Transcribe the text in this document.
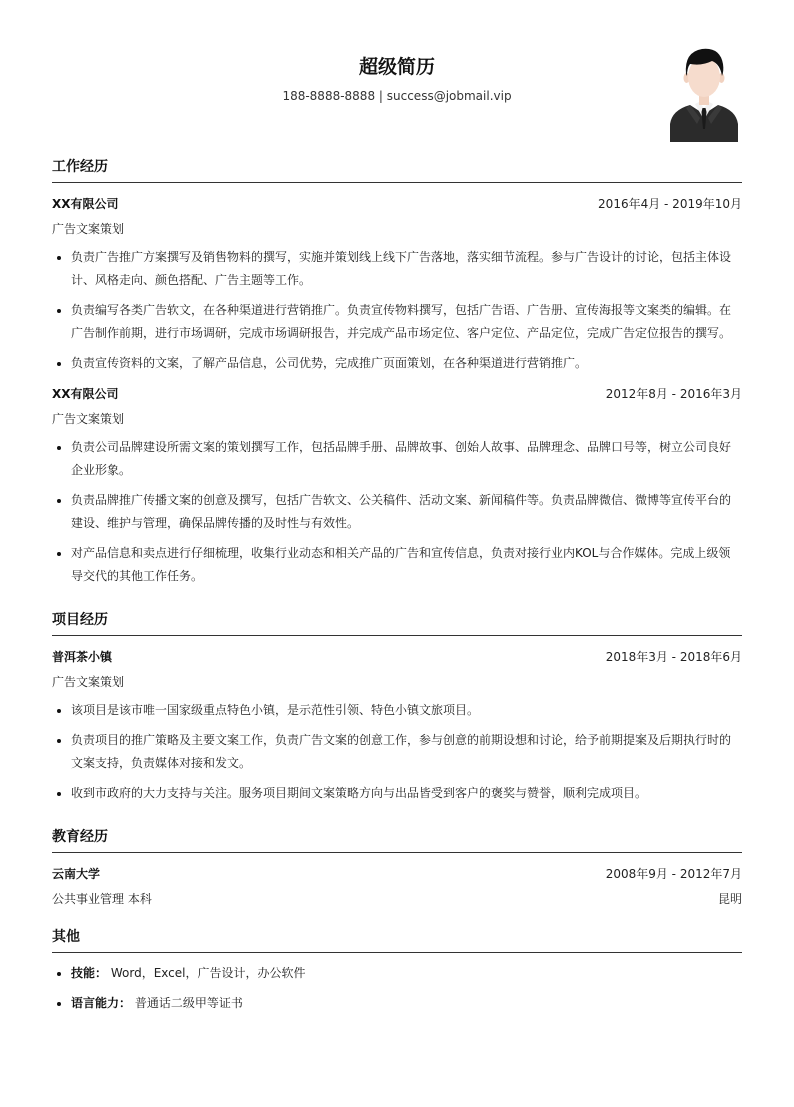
超级简历
188-8888-8888 | success@jobmail.vip
工作经历
XX有限公司	2016年4月 - 2019年10月
广告文案策划
• 负责广告推广方案撰写及销售物料的撰写，实施并策划线上线下广告落地，落实细节流程。参与广告设计的讨论，包括主体设计、风格走向、颜色搭配、广告主题等工作。
• 负责编写各类广告软文，在各种渠道进行营销推广。负责宣传物料撰写，包括广告语、广告册、宣传海报等文案类的编辑。在广告制作前期，进行市场调研，完成市场调研报告，并完成产品市场定位、客户定位、产品定位，完成广告定位报告的撰写。
• 负责宣传资料的文案，了解产品信息，公司优势，完成推广页面策划，在各种渠道进行营销推广。
XX有限公司	2012年8月 - 2016年3月
广告文案策划
• 负责公司品牌建设所需文案的策划撰写工作，包括品牌手册、品牌故事、创始人故事、品牌理念、品牌口号等，树立公司良好企业形象。
• 负责品牌推广传播文案的创意及撰写，包括广告软文、公关稿件、活动文案、新闻稿件等。负责品牌微信、微博等宣传平台的建设、维护与管理，确保品牌传播的及时性与有效性。
• 对产品信息和卖点进行仔细梳理，收集行业动态和相关产品的广告和宣传信息，负责对接行业内KOL与合作媒体。完成上级领导交代的其他工作任务。
项目经历
普洱茶小镇	2018年3月 - 2018年6月
广告文案策划
• 该项目是该市唯一国家级重点特色小镇，是示范性引领、特色小镇文旅项目。
• 负责项目的推广策略及主要文案工作，负责广告文案的创意工作，参与创意的前期设想和讨论，给予前期提案及后期执行时的文案支持，负责媒体对接和发文。
• 收到市政府的大力支持与关注。服务项目期间文案策略方向与出品皆受到客户的褒奖与赞誉，顺利完成项目。
教育经历
云南大学	2008年9月 - 2012年7月
公共事业管理 本科	昆明
其他
• 技能： Word，Excel，广告设计，办公软件
• 语言能力： 普通话二级甲等证书
